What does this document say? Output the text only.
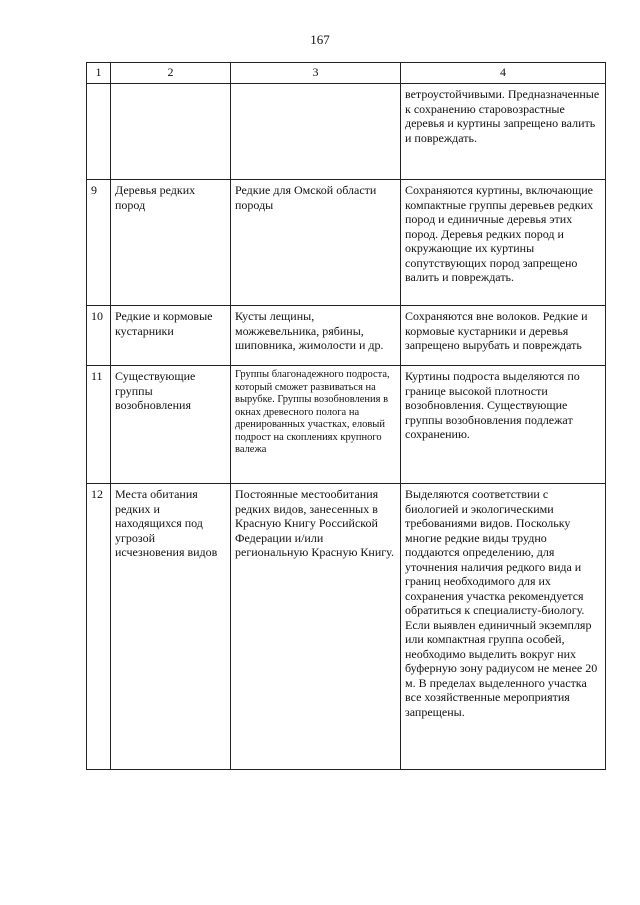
167
1	2	3	4
			ветроустойчивыми. Предназначенные к сохранению старовозрастные деревья и куртины запрещено валить и повреждать.
9	Деревья редких пород	Редкие для Омской области породы	Сохраняются куртины, включающие компактные группы деревьев редких пород и единичные деревья этих пород. Деревья редких пород и окружающие их куртины сопутствующих пород запрещено валить и повреждать.
10	Редкие и кормовые кустарники	Кусты лещины, можжевельника, рябины, шиповника, жимолости и др.	Сохраняются вне волоков. Редкие и кормовые кустарники и деревья запрещено вырубать и повреждать
11	Существующие группы возобновления	Группы благонадежного подроста, который сможет развиваться на вырубке. Группы возобновления в окнах древесного полога на дренированных участках, еловый подрост на скоплениях крупного валежа	Куртины подроста выделяются по границе высокой плотности возобновления. Существующие группы возобновления подлежат сохранению.
12	Места обитания редких и находящихся под угрозой исчезновения видов	Постоянные местообитания редких видов, занесенных в Красную Книгу Российской Федерации и/или региональную Красную Книгу.	Выделяются соответствии с биологией и экологическими требованиями видов. Поскольку многие редкие виды трудно поддаются определению, для уточнения наличия редкого вида и границ необходимого для их сохранения участка рекомендуется обратиться к специалисту-биологу. Если выявлен единичный экземпляр или компактная группа особей, необходимо выделить вокруг них буферную зону радиусом не менее 20 м. В пределах выделенного участка все хозяйственные мероприятия запрещены.
